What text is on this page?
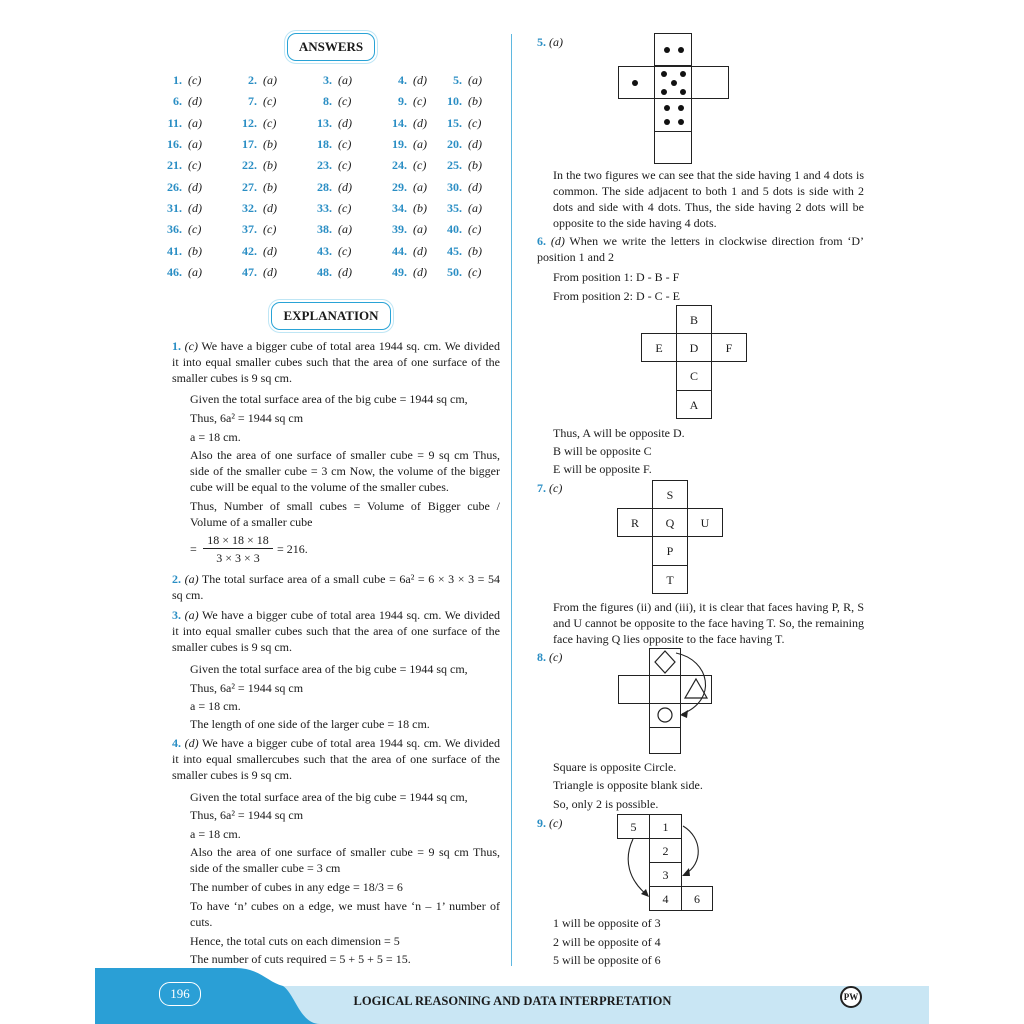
ANSWERS
1. (c)	2. (a)	3. (a)	4. (d)	5. (a)
6. (d)	7. (c)	8. (c)	9. (c)	10. (b)
11. (a)	12. (c)	13. (d)	14. (d)	15. (c)
16. (a)	17. (b)	18. (c)	19. (a)	20. (d)
21. (c)	22. (b)	23. (c)	24. (c)	25. (b)
26. (d)	27. (b)	28. (d)	29. (a)	30. (d)
31. (d)	32. (d)	33. (c)	34. (b)	35. (a)
36. (c)	37. (c)	38. (a)	39. (a)	40. (c)
41. (b)	42. (d)	43. (c)	44. (d)	45. (b)
46. (a)	47. (d)	48. (d)	49. (d)	50. (c)
EXPLANATION
1. (c) We have a bigger cube of total area 1944 sq. cm. We divided it into equal smaller cubes such that the area of one surface of the smaller cubes is 9 sq cm.
Given the total surface area of the big cube = 1944 sq cm,
Thus, 6a² = 1944 sq cm
a = 18 cm.
Also the area of one surface of smaller cube = 9 sq cm Thus, side of the smaller cube = 3 cm Now, the volume of the bigger cube will be equal to the volume of the smaller cubes.
Thus, Number of small cubes = Volume of Bigger cube / Volume of a smaller cube
=
18 × 18 × 18
3 × 3 × 3
= 216.
2. (a) The total surface area of a small cube = 6a² = 6 × 3 × 3 = 54 sq cm.
3. (a) We have a bigger cube of total area 1944 sq. cm. We divided it into equal smaller cubes such that the area of one surface of the smaller cubes is 9 sq cm.
Given the total surface area of the big cube = 1944 sq cm,
Thus, 6a² = 1944 sq cm
a = 18 cm.
The length of one side of the larger cube = 18 cm.
4. (d) We have a bigger cube of total area 1944 sq. cm. We divided it into equal smallercubes such that the area of one surface of the smaller cubes is 9 sq cm.
Given the total surface area of the big cube = 1944 sq cm,
Thus, 6a² = 1944 sq cm
a = 18 cm.
Also the area of one surface of smaller cube = 9 sq cm Thus, side of the smaller cube = 3 cm
The number of cubes in any edge = 18/3 = 6
To have ‘n’ cubes on a edge, we must have ‘n – 1’ number of cuts.
Hence, the total cuts on each dimension = 5
The number of cuts required = 5 + 5 + 5 = 15.
5. (a)
In the two figures we can see that the side having 1 and 4 dots is common. The side adjacent to both 1 and 5 dots is side with 2 dots and side with 4 dots. Thus, the side having 2 dots will be opposite to the side having 4 dots.
6. (d) When we write the letters in clockwise direction from ‘D’ position 1 and 2
From position 1: D - B - F
From position 2: D - C - E
B
E	D	F
C
A
Thus, A will be opposite D.
B will be opposite C
E will be opposite F.
7. (c)	S
R	Q	U
P
T
From the figures (ii) and (iii), it is clear that faces having P, R, S and U cannot be opposite to the face having T. So, the remaining face having Q lies opposite to the face having T.
8. (c)
Square is opposite Circle.
Triangle is opposite blank side.
So, only 2 is possible.
9. (c)	5	1
2
3
4	6
1 will be opposite of 3
2 will be opposite of 4
5 will be opposite of 6
196	LOGICAL REASONING AND DATA INTERPRETATION	PW
